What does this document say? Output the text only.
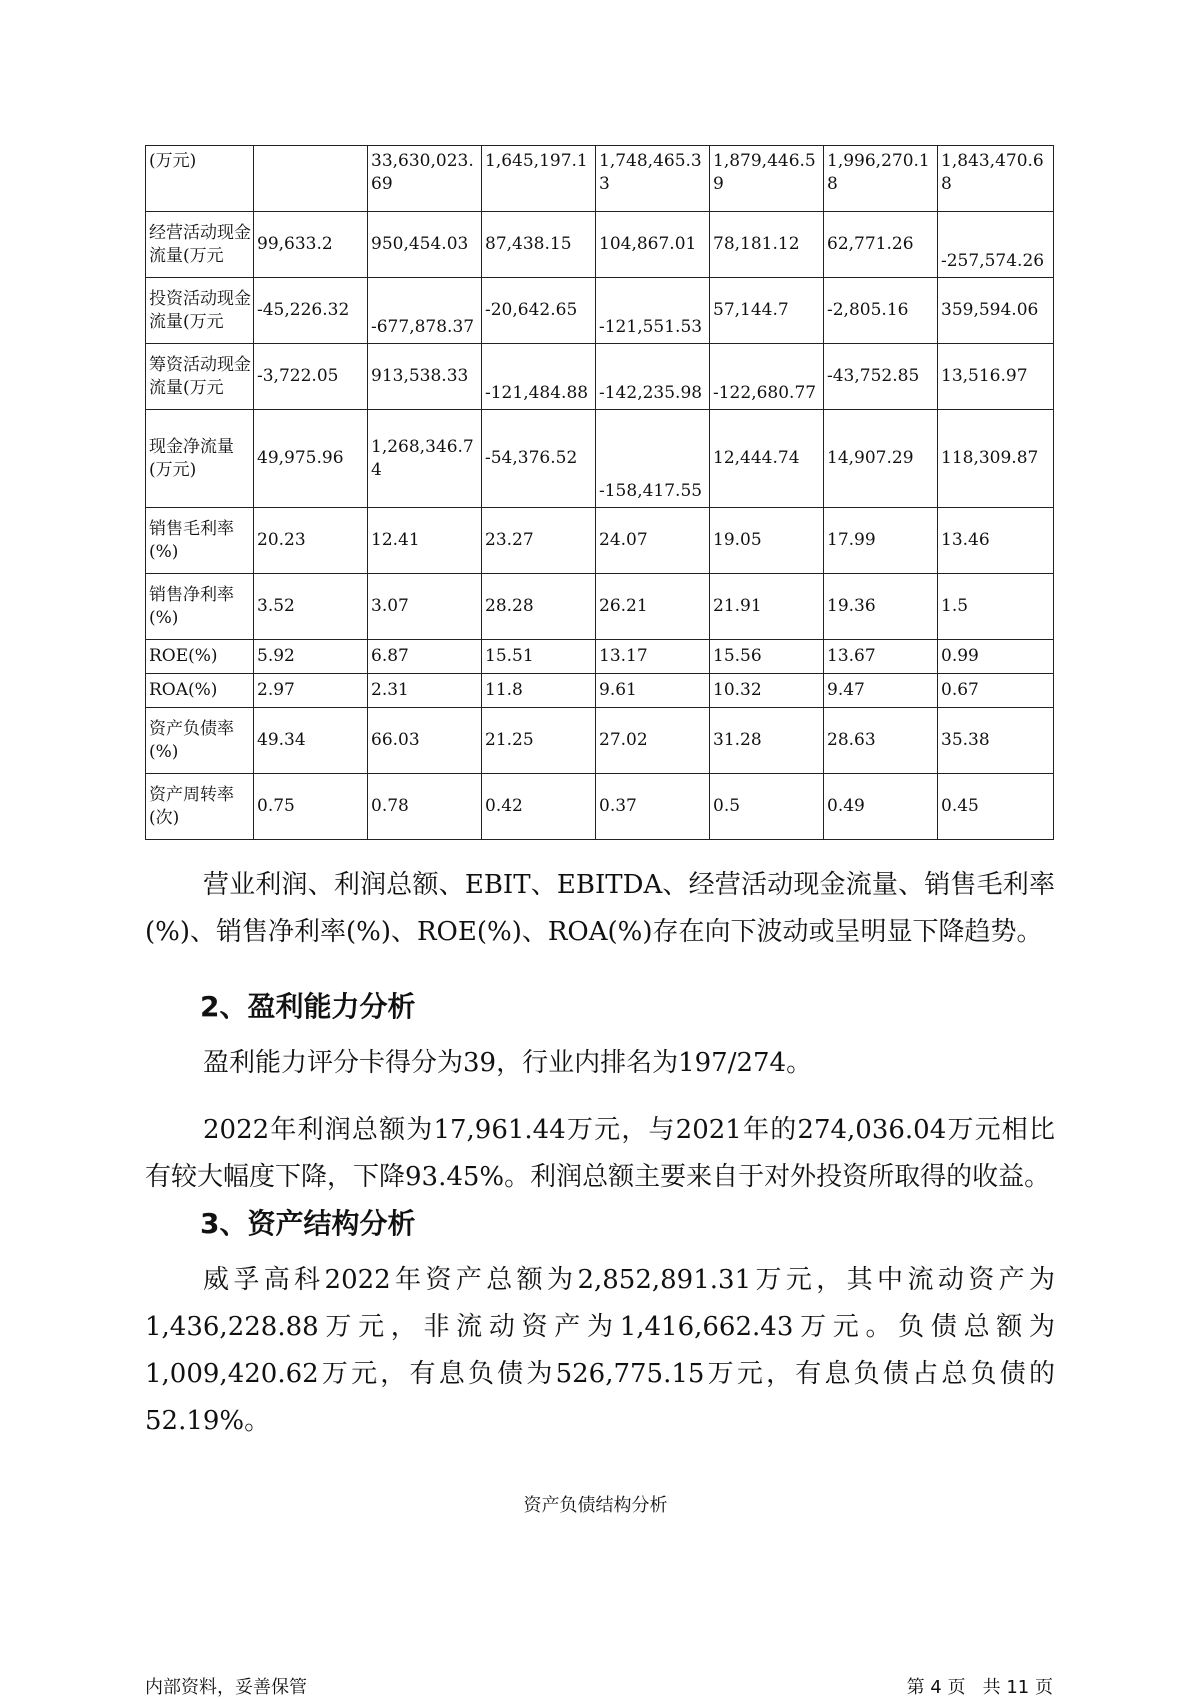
(万元)		33,630,023.69	1,645,197.1	1,748,465.33	1,879,446.59	1,996,270.18	1,843,470.68
经营活动现金流量(万元	99,633.2	950,454.03	87,438.15	104,867.01	78,181.12	62,771.26	-257,574.26
投资活动现金流量(万元	-45,226.32	-677,878.37	-20,642.65	-121,551.53	57,144.7	-2,805.16	359,594.06
筹资活动现金流量(万元	-3,722.05	913,538.33	-121,484.88	-142,235.98	-122,680.77	-43,752.85	13,516.97
现金净流量(万元)	49,975.96	1,268,346.74	-54,376.52	-158,417.55	12,444.74	14,907.29	118,309.87
销售毛利率(%)	20.23	12.41	23.27	24.07	19.05	17.99	13.46
销售净利率(%)	3.52	3.07	28.28	26.21	21.91	19.36	1.5
ROE(%)	5.92	6.87	15.51	13.17	15.56	13.67	0.99
ROA(%)	2.97	2.31	11.8	9.61	10.32	9.47	0.67
资产负债率(%)	49.34	66.03	21.25	27.02	31.28	28.63	35.38
资产周转率(次)	0.75	0.78	0.42	0.37	0.5	0.49	0.45

营业利润、利润总额、EBIT、EBITDA、经营活动现金流量、销售毛利率(%)、销售净利率(%)、ROE(%)、ROA(%)存在向下波动或呈明显下降趋势。

2、盈利能力分析

盈利能力评分卡得分为39，行业内排名为197/274。

2022年利润总额为17,961.44万元，与2021年的274,036.04万元相比有较大幅度下降，下降93.45%。利润总额主要来自于对外投资所取得的收益。

3、资产结构分析

威孚高科2022年资产总额为2,852,891.31万元，其中流动资产为1,436,228.88万元，非流动资产为1,416,662.43万元。负债总额为1,009,420.62万元，有息负债为526,775.15万元，有息负债占总负债的52.19%。

资产负债结构分析
内部资料，妥善保管	第 4 页   共 11 页
